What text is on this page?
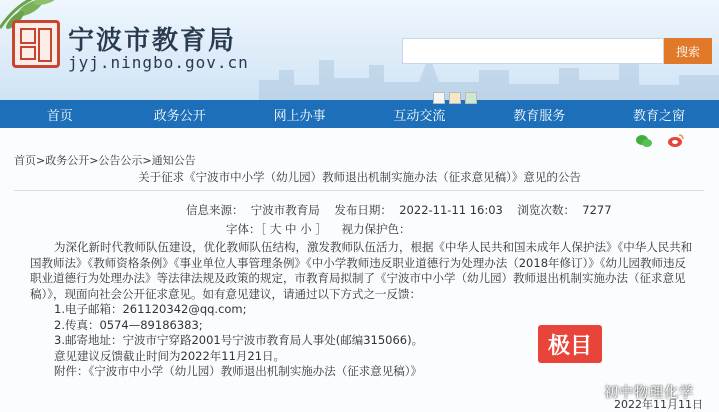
宁波市教育局
jyj.ningbo.gov.cn
搜索
首页	政务公开	网上办事	互动交流	教育服务	教育之窗
首页>政务公开>公告公示>通知公告
关于征求《宁波市中小学（幼儿园）教师退出机制实施办法（征求意见稿）》意见的公告
信息来源：  宁波市教育局    发布日期：  2022-11-11 16:03    浏览次数：  7277
字体：［ 大 中 小 ］    视力保护色：

为深化新时代教师队伍建设，优化教师队伍结构，激发教师队伍活力，根据《中华人民共和国未成年人保护法》《中华人民共和国教师法》《教师资格条例》《事业单位人事管理条例》《中小学教师违反职业道德行为处理办法（2018年修订）》《幼儿园教师违反职业道德行为处理办法》等法律法规及政策的规定，市教育局拟制了《宁波市中小学（幼儿园）教师退出机制实施办法（征求意见稿）》，现面向社会公开征求意见。如有意见建议，请通过以下方式之一反馈：

1.电子邮箱：261120342@qq.com;

2.传真：0574—89186383;

3.邮寄地址：宁波市宁穿路2001号宁波市教育局人事处(邮编315066)。

意见建议反馈截止时间为2022年11月21日。

附件：《宁波市中小学（幼儿园）教师退出机制实施办法（征求意见稿）》

极目
初中物理化学
2022年11月11日
